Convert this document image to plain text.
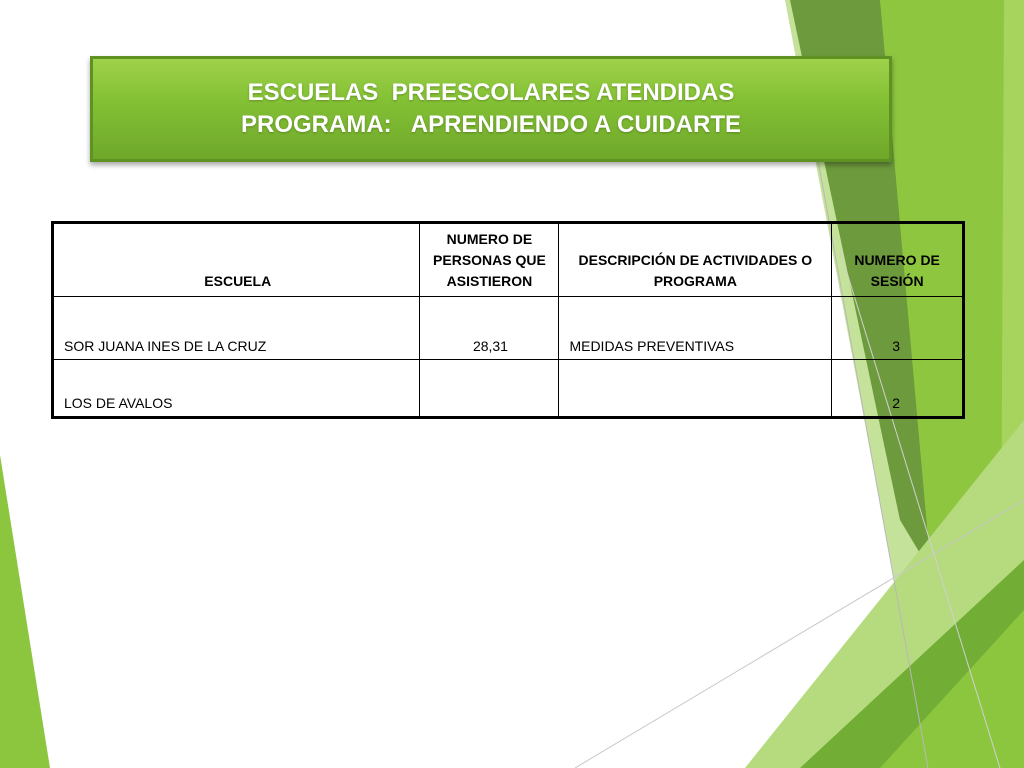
ESCUELAS  PREESCOLARES ATENDIDAS
PROGRAMA:   APRENDIENDO A CUIDARTE
ESCUELA	NUMERO DE PERSONAS QUE ASISTIERON	DESCRIPCIÓN DE ACTIVIDADES O PROGRAMA	NUMERO DE SESIÓN
SOR JUANA INES DE LA CRUZ	28,31	MEDIDAS PREVENTIVAS	3
LOS DE AVALOS			2
